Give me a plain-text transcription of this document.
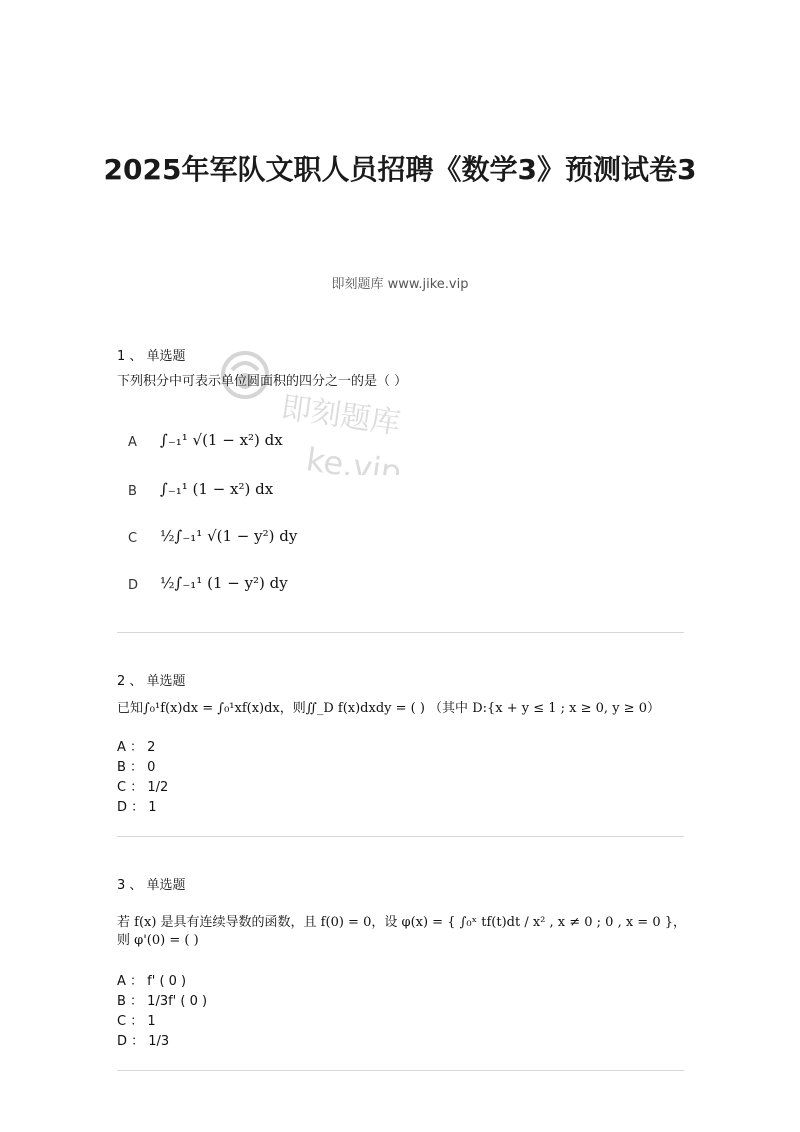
2025年军队文职人员招聘《数学3》预测试卷3
即刻题库 www.jike.vip
即刻题库
ke.vip
1 、 单选题
下列积分中可表示单位圆面积的四分之一的是（ ）
A ∫₋₁¹ √(1 − x²) dx
B ∫₋₁¹ (1 − x²) dx
C ½∫₋₁¹ √(1 − y²) dy
D ½∫₋₁¹ (1 − y²) dy
2 、 单选题
已知∫₀¹f(x)dx = ∫₀¹xf(x)dx，则∬_D f(x)dxdy = ( ) （其中 D:{x + y ≤ 1 ; x ≥ 0, y ≥ 0）
A ： 2
B ： 0
C ： 1/2
D ： 1
3 、 单选题
若 f(x) 是具有连续导数的函数，且 f(0) = 0，设 φ(x) = { ∫₀ˣ tf(t)dt / x² , x ≠ 0 ; 0 , x = 0 }，则 φ'(0) = ( )
A ： f' ( 0 )
B ： 1/3f' ( 0 )
C ： 1
D ： 1/3
